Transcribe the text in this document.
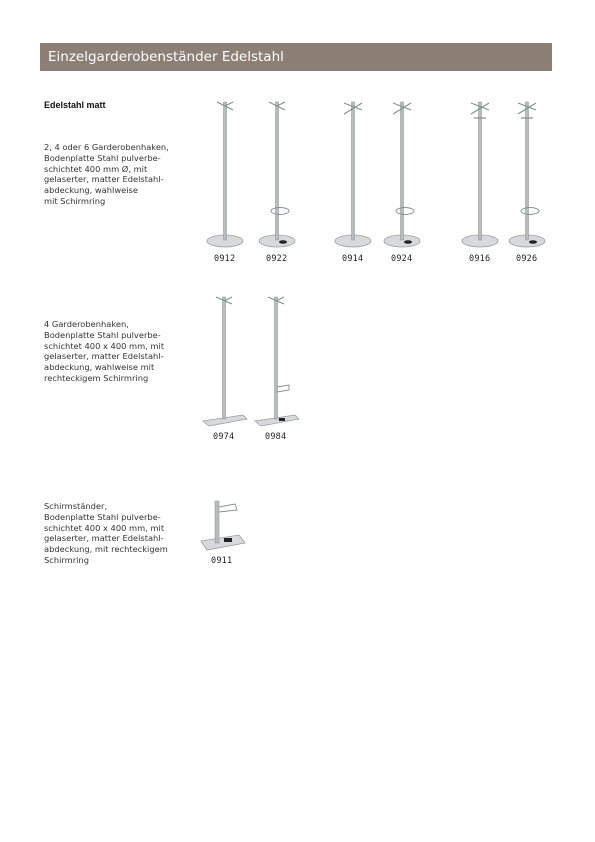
Einzelgarderobenständer Edelstahl
Edelstahl matt
2, 4 oder 6 Garderobenhaken,
Bodenplatte Stahl pulverbe-
schichtet 400 mm Ø, mit
gelaserter, matter Edelstahl-
abdeckung, wahlweise
mit Schirmring
0912	0922	0914	0924	0916	0926
4 Garderobenhaken,
Bodenplatte Stahl pulverbe-
schichtet 400 x 400 mm, mit
gelaserter, matter Edelstahl-
abdeckung, wahlweise mit
rechteckigem Schirmring
0974	0984
Schirmständer,
Bodenplatte Stahl pulverbe-
schichtet 400 x 400 mm, mit
gelaserter, matter Edelstahl-
abdeckung, mit rechteckigem
Schirmring	0911
